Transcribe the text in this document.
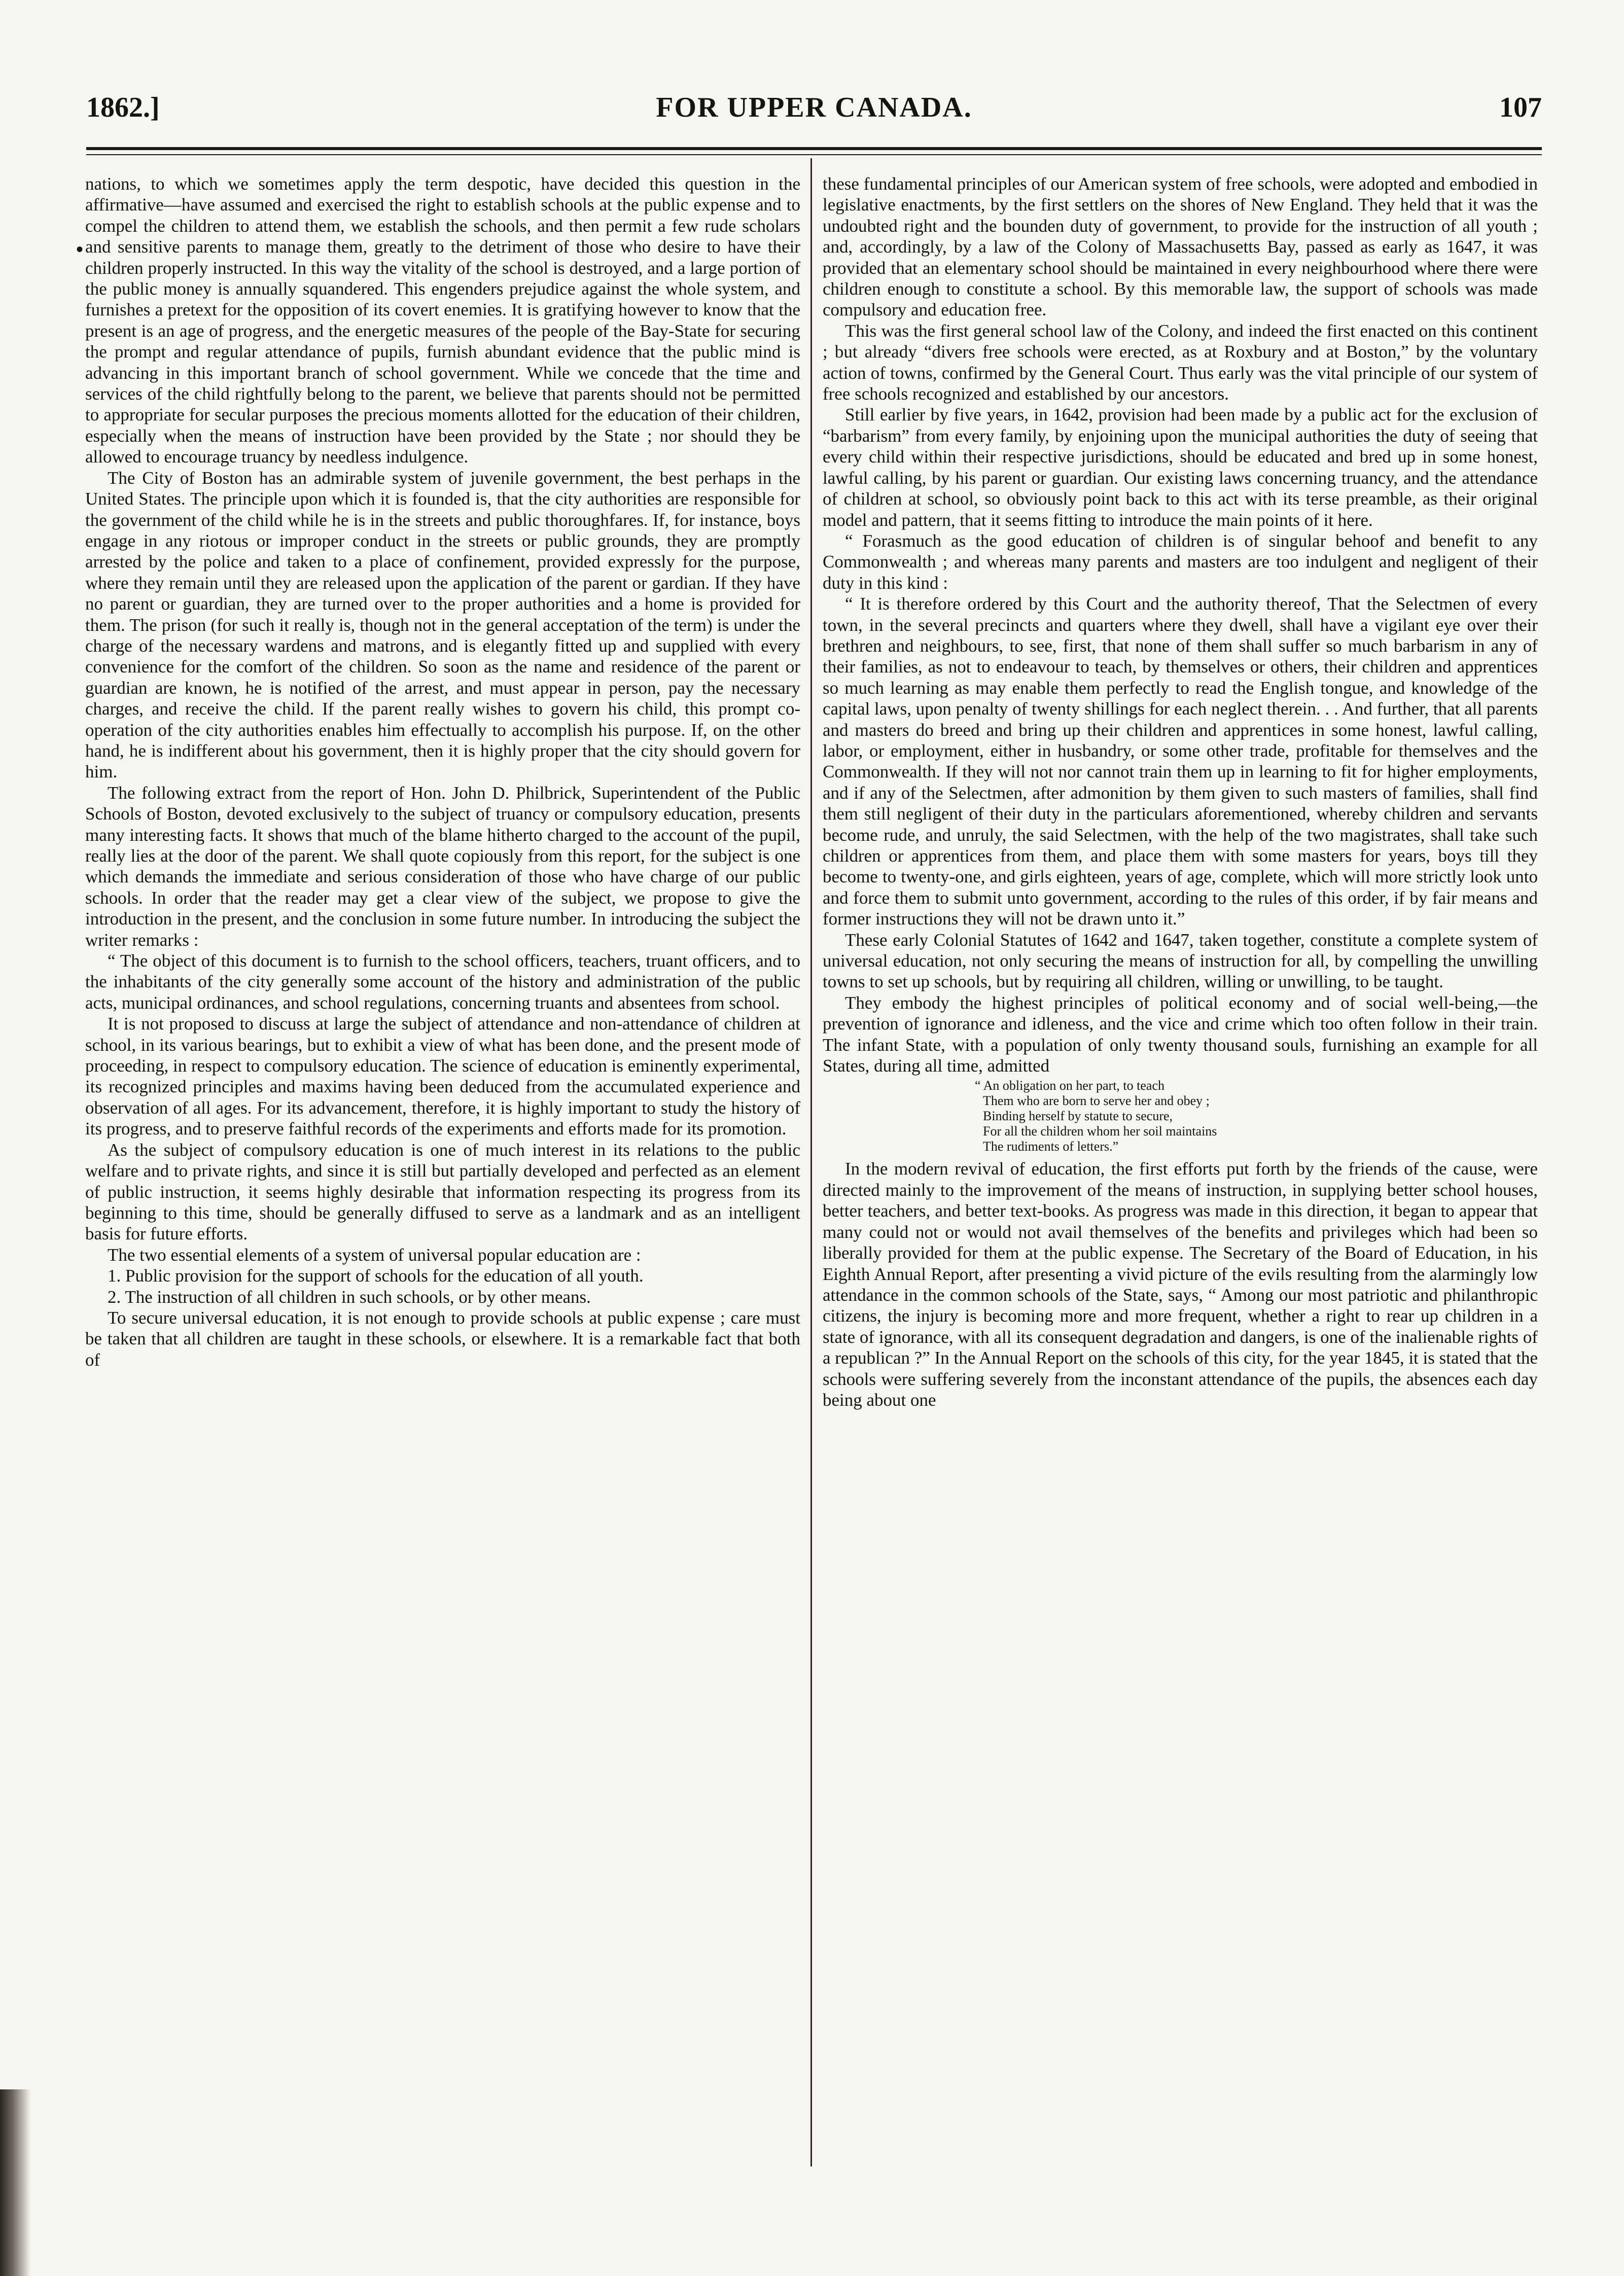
FOR UPPER CANADA.
1862.]	107
•

nations, to which we sometimes apply the term despotic, have decided this question in the affirmative—have assumed and exercised the right to establish schools at the public expense and to compel the children to attend them, we establish the schools, and then permit a few rude scholars and sensitive parents to manage them, greatly to the detriment of those who desire to have their children properly instructed. In this way the vitality of the school is destroyed, and a large portion of the public money is annually squandered. This engenders prejudice against the whole system, and furnishes a pretext for the opposition of its covert enemies. It is gratifying however to know that the present is an age of progress, and the energetic measures of the people of the Bay-State for securing the prompt and regular attendance of pupils, furnish abundant evidence that the public mind is advancing in this important branch of school government. While we concede that the time and services of the child rightfully belong to the parent, we believe that parents should not be permitted to appropriate for secular purposes the precious moments allotted for the education of their children, especially when the means of instruction have been provided by the State ; nor should they be allowed to encourage truancy by needless indulgence.

The City of Boston has an admirable system of juvenile government, the best perhaps in the United States. The principle upon which it is founded is, that the city authorities are responsible for the government of the child while he is in the streets and public thoroughfares. If, for instance, boys engage in any riotous or improper conduct in the streets or public grounds, they are promptly arrested by the police and taken to a place of confinement, provided expressly for the purpose, where they remain until they are released upon the application of the parent or gardian. If they have no parent or guardian, they are turned over to the proper authorities and a home is provided for them. The prison (for such it really is, though not in the general acceptation of the term) is under the charge of the necessary wardens and matrons, and is elegantly fitted up and supplied with every convenience for the comfort of the children. So soon as the name and residence of the parent or guardian are known, he is notified of the arrest, and must appear in person, pay the necessary charges, and receive the child. If the parent really wishes to govern his child, this prompt co-operation of the city authorities enables him effectually to accomplish his purpose. If, on the other hand, he is indifferent about his government, then it is highly proper that the city should govern for him.

The following extract from the report of Hon. John D. Philbrick, Superintendent of the Public Schools of Boston, devoted exclusively to the subject of truancy or compulsory education, presents many interesting facts. It shows that much of the blame hitherto charged to the account of the pupil, really lies at the door of the parent. We shall quote copiously from this report, for the subject is one which demands the immediate and serious consideration of those who have charge of our public schools. In order that the reader may get a clear view of the subject, we propose to give the introduction in the present, and the conclusion in some future number. In introducing the subject the writer remarks :

“ The object of this document is to furnish to the school officers, teachers, truant officers, and to the inhabitants of the city generally some account of the history and administration of the public acts, municipal ordinances, and school regulations, concerning truants and absentees from school.

It is not proposed to discuss at large the subject of attendance and non-attendance of children at school, in its various bearings, but to exhibit a view of what has been done, and the present mode of proceeding, in respect to compulsory education. The science of education is eminently experimental, its recognized principles and maxims having been deduced from the accumulated experience and observation of all ages. For its advancement, therefore, it is highly important to study the history of its progress, and to preserve faithful records of the experiments and efforts made for its promotion.

As the subject of compulsory education is one of much interest in its relations to the public welfare and to private rights, and since it is still but partially developed and perfected as an element of public instruction, it seems highly desirable that information respecting its progress from its beginning to this time, should be generally diffused to serve as a landmark and as an intelligent basis for future efforts.

The two essential elements of a system of universal popular education are :

1. Public provision for the support of schools for the education of all youth.

2. The instruction of all children in such schools, or by other means.

To secure universal education, it is not enough to provide schools at public expense ; care must be taken that all children are taught in these schools, or elsewhere. It is a remarkable fact that both of

these fundamental principles of our American system of free schools, were adopted and embodied in legislative enactments, by the first settlers on the shores of New England. They held that it was the undoubted right and the bounden duty of government, to provide for the instruction of all youth ; and, accordingly, by a law of the Colony of Massachusetts Bay, passed as early as 1647, it was provided that an elementary school should be maintained in every neighbourhood where there were children enough to constitute a school. By this memorable law, the support of schools was made compulsory and education free.

This was the first general school law of the Colony, and indeed the first enacted on this continent ; but already “divers free schools were erected, as at Roxbury and at Boston,” by the voluntary action of towns, confirmed by the General Court. Thus early was the vital principle of our system of free schools recognized and established by our ancestors.

Still earlier by five years, in 1642, provision had been made by a public act for the exclusion of “barbarism” from every family, by enjoining upon the municipal authorities the duty of seeing that every child within their respective jurisdictions, should be educated and bred up in some honest, lawful calling, by his parent or guardian. Our existing laws concerning truancy, and the attendance of children at school, so obviously point back to this act with its terse preamble, as their original model and pattern, that it seems fitting to introduce the main points of it here.

“ Forasmuch as the good education of children is of singular behoof and benefit to any Commonwealth ; and whereas many parents and masters are too indulgent and negligent of their duty in this kind :

“ It is therefore ordered by this Court and the authority thereof, That the Selectmen of every town, in the several precincts and quarters where they dwell, shall have a vigilant eye over their brethren and neighbours, to see, first, that none of them shall suffer so much barbarism in any of their families, as not to endeavour to teach, by themselves or others, their children and apprentices so much learning as may enable them perfectly to read the English tongue, and knowledge of the capital laws, upon penalty of twenty shillings for each neglect therein. . . And further, that all parents and masters do breed and bring up their children and apprentices in some honest, lawful calling, labor, or employment, either in husbandry, or some other trade, profitable for themselves and the Commonwealth. If they will not nor cannot train them up in learning to fit for higher employments, and if any of the Selectmen, after admonition by them given to such masters of families, shall find them still negligent of their duty in the particulars aforementioned, whereby children and servants become rude, and unruly, the said Selectmen, with the help of the two magistrates, shall take such children or apprentices from them, and place them with some masters for years, boys till they become to twenty-one, and girls eighteen, years of age, complete, which will more strictly look unto and force them to submit unto government, according to the rules of this order, if by fair means and former instructions they will not be drawn unto it.”

These early Colonial Statutes of 1642 and 1647, taken together, constitute a complete system of universal education, not only securing the means of instruction for all, by compelling the unwilling towns to set up schools, but by requiring all children, willing or unwilling, to be taught.

They embody the highest principles of political economy and of social well-being,—the prevention of ignorance and idleness, and the vice and crime which too often follow in their train. The infant State, with a population of only twenty thousand souls, furnishing an example for all States, during all time, admitted

“ An obligation on her part, to teach
Them who are born to serve her and obey ;
Binding herself by statute to secure,
For all the children whom her soil maintains
The rudiments of letters.”

In the modern revival of education, the first efforts put forth by the friends of the cause, were directed mainly to the improvement of the means of instruction, in supplying better school houses, better teachers, and better text-books. As progress was made in this direction, it began to appear that many could not or would not avail themselves of the benefits and privileges which had been so liberally provided for them at the public expense. The Secretary of the Board of Education, in his Eighth Annual Report, after presenting a vivid picture of the evils resulting from the alarmingly low attendance in the common schools of the State, says, “ Among our most patriotic and philanthropic citizens, the injury is becoming more and more frequent, whether a right to rear up children in a state of ignorance, with all its consequent degradation and dangers, is one of the inalienable rights of a republican ?” In the Annual Report on the schools of this city, for the year 1845, it is stated that the schools were suffering severely from the inconstant attendance of the pupils, the absences each day being about one
